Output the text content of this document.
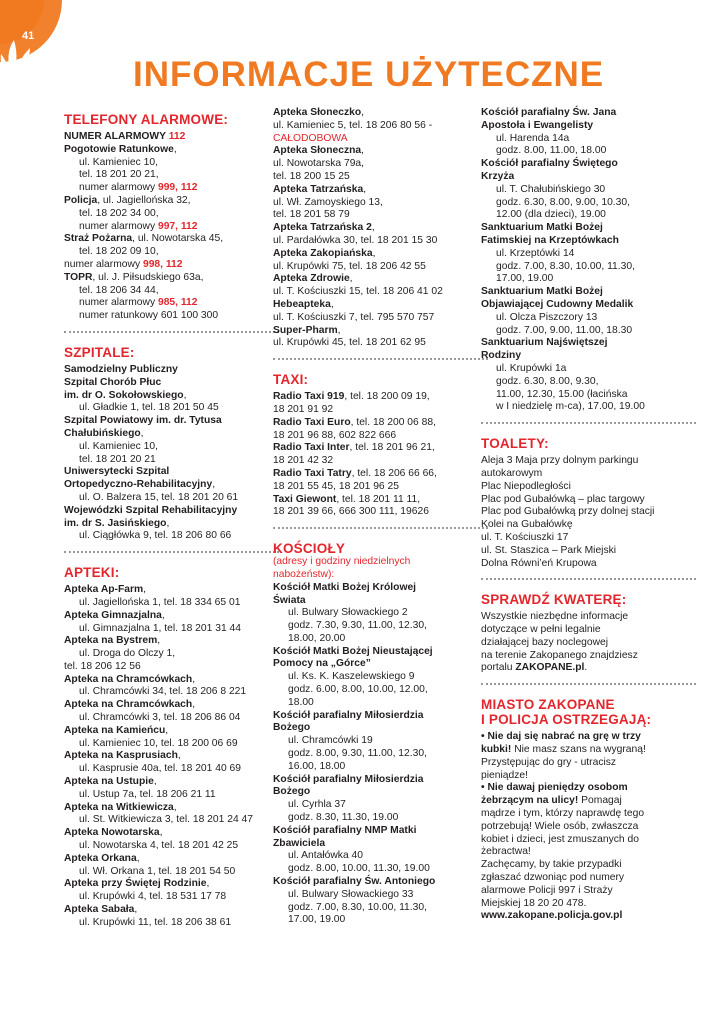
41
INFORMACJE UŻYTECZNE
TELEFONY ALARMOWE:

NUMER ALARMOWY 112

Pogotowie Ratunkowe,

ul. Kamieniec 10,

tel. 18 201 20 21,

numer alarmowy 999, 112

Policja, ul. Jagiellońska 32,

tel. 18 202 34 00,

numer alarmowy 997, 112

Straż Pożarna, ul. Nowotarska 45,

tel. 18 202 09 10,

numer alarmowy 998, 112

TOPR, ul. J. Piłsudskiego 63a,

tel. 18 206 34 44,

numer alarmowy 985, 112

numer ratunkowy 601 100 300

SZPITALE:

Samodzielny Publiczny

Szpital Chorób Płuc

im. dr O. Sokołowskiego,

ul. Gładkie 1, tel. 18 201 50 45

Szpital Powiatowy im. dr. Tytusa

Chałubińskiego,

ul. Kamieniec 10,

tel. 18 201 20 21

Uniwersytecki Szpital

Ortopedyczno-Rehabilitacyjny,

ul. O. Balzera 15, tel. 18 201 20 61

Wojewódzki Szpital Rehabilitacyjny

im. dr S. Jasińskiego,

ul. Ciągłówka 9, tel. 18 206 80 66

APTEKI:

Apteka Ap-Farm,

ul. Jagiellońska 1, tel. 18 334 65 01

Apteka Gimnazjalna,

ul. Gimnazjalna 1, tel. 18 201 31 44

Apteka na Bystrem,

ul. Droga do Olczy 1,

tel. 18 206 12 56

Apteka na Chramcówkach,

ul. Chramcówki 34, tel. 18 206 8 221

Apteka na Chramcówkach,

ul. Chramcówki 3, tel. 18 206 86 04

Apteka na Kamieńcu,

ul. Kamieniec 10, tel. 18 200 06 69

Apteka na Kasprusiach,

ul. Kasprusie 40a, tel. 18 201 40 69

Apteka na Ustupie,

ul. Ustup 7a, tel. 18 206 21 11

Apteka na Witkiewicza,

ul. St. Witkiewicza 3, tel. 18 201 24 47

Apteka Nowotarska,

ul. Nowotarska 4, tel. 18 201 42 25

Apteka Orkana,

ul. Wł. Orkana 1, tel. 18 201 54 50

Apteka przy Świętej Rodzinie,

ul. Krupówki 4, tel. 18 531 17 78

Apteka Sabała,

ul. Krupówki 11, tel. 18 206 38 61

Apteka Słoneczko,

ul. Kamieniec 5, tel. 18 206 80 56 -

CAŁODOBOWA

Apteka Słoneczna,

ul. Nowotarska 79a,

tel. 18 200 15 25

Apteka Tatrzańska,

ul. Wł. Zamoyskiego 13,

tel. 18 201 58 79

Apteka Tatrzańska 2,

ul. Pardałówka 30, tel. 18 201 15 30

Apteka Zakopiańska,

ul. Krupówki 75, tel. 18 206 42 55

Apteka Zdrowie,

ul. T. Kościuszki 15, tel. 18 206 41 02

Hebeapteka,

ul. T. Kościuszki 7, tel. 795 570 757

Super-Pharm,

ul. Krupówki 45, tel. 18 201 62 95

TAXI:

Radio Taxi 919, tel. 18 200 09 19,

18 201 91 92

Radio Taxi Euro, tel. 18 200 06 88,

18 201 96 88, 602 822 666

Radio Taxi Inter, tel. 18 201 96 21,

18 201 42 32

Radio Taxi Tatry, tel. 18 206 66 66,

18 201 55 45, 18 201 96 25

Taxi Giewont, tel. 18 201 11 11,

18 201 39 66, 666 300 111, 19626

KOŚCIOŁY

(adresy i godziny niedzielnych

nabożeństw):

Kościół Matki Bożej Królowej

Świata

ul. Bulwary Słowackiego 2

godz. 7.30, 9.30, 11.00, 12.30,

18.00, 20.00

Kościół Matki Bożej Nieustającej

Pomocy na „Górce”

ul. Ks. K. Kaszelewskiego 9

godz. 6.00, 8.00, 10.00, 12.00,

18.00

Kościół parafialny Miłosierdzia

Bożego

ul. Chramcówki 19

godz. 8.00, 9.30, 11.00, 12.30,

16.00, 18.00

Kościół parafialny Miłosierdzia

Bożego

ul. Cyrhla 37

godz. 8.30, 11.30, 19.00

Kościół parafialny NMP Matki

Zbawiciela

ul. Antałówka 40

godz. 8.00, 10.00, 11.30, 19.00

Kościół parafialny Św. Antoniego

ul. Bulwary Słowackiego 33

godz. 7.00, 8.30, 10.00, 11.30,

17.00, 19.00

Kościół parafialny Św. Jana

Apostoła i Ewangelisty

ul. Harenda 14a

godz. 8.00, 11.00, 18.00

Kościół parafialny Świętego

Krzyża

ul. T. Chałubińskiego 30

godz. 6.30, 8.00, 9.00, 10.30,

12.00 (dla dzieci), 19.00

Sanktuarium Matki Bożej

Fatimskiej na Krzeptówkach

ul. Krzeptówki 14

godz. 7.00, 8.30, 10.00, 11.30,

17.00, 19.00

Sanktuarium Matki Bożej

Objawiającej Cudowny Medalik

ul. Olcza Piszczory 13

godz. 7.00, 9.00, 11.00, 18.30

Sanktuarium Najświętszej

Rodziny

ul. Krupówki 1a

godz. 6.30, 8.00, 9.30,

11.00, 12.30, 15.00 (łacińska

w I niedzielę m-ca), 17.00, 19.00

TOALETY:

Aleja 3 Maja przy dolnym parkingu

autokarowym

Plac Niepodległości

Plac pod Gubałówką – plac targowy

Plac pod Gubałówką przy dolnej stacji

Kolei na Gubałówkę

ul. T. Kościuszki 17

ul. St. Staszica – Park Miejski

Dolna Równi’eń Krupowa

SPRAWDŹ KWATERĘ:

Wszystkie niezbędne informacje

dotyczące w pełni legalnie

działającej bazy noclegowej

na terenie Zakopanego znajdziesz

portalu ZAKOPANE.pl.

MIASTO ZAKOPANE
I POLICJA OSTRZEGAJĄ:

• Nie daj się nabrać na grę w trzy

kubki! Nie masz szans na wygraną!

Przystępując do gry - utracisz

pieniądze!

• Nie dawaj pieniędzy osobom

żebrzącym na ulicy! Pomagaj

mądrze i tym, którzy naprawdę tego

potrzebują! Wiele osób, zwłaszcza

kobiet i dzieci, jest zmuszanych do

żebractwa!

Zachęcamy, by takie przypadki

zgłaszać dzwoniąc pod numery

alarmowe Policji 997 i Straży

Miejskiej 18 20 20 478.

www.zakopane.policja.gov.pl
